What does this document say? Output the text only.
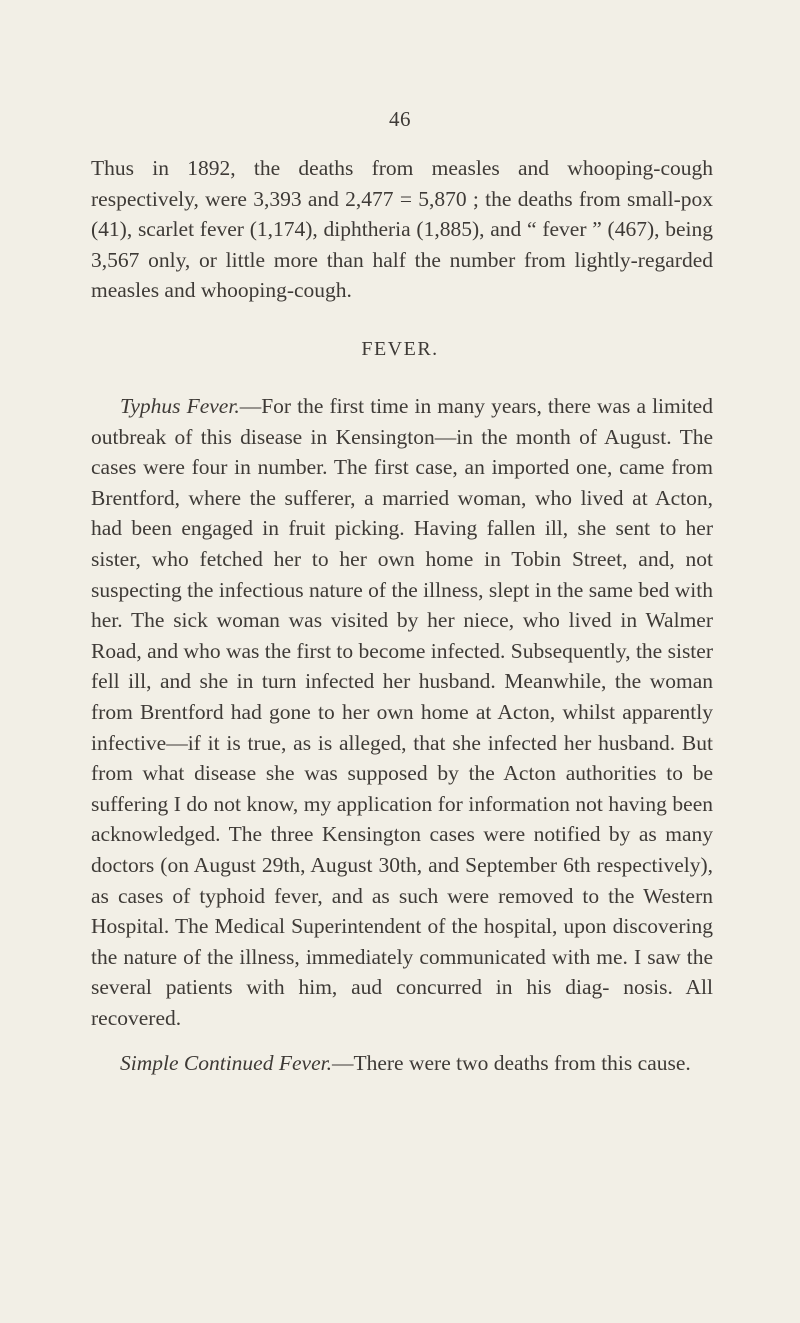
46

Thus in 1892, the deaths from measles and whooping-cough respectively, were 3,393 and 2,477 = 5,870 ; the deaths from small-pox (41), scarlet fever (1,174), diphtheria (1,885), and “ fever ” (467), being 3,567 only, or little more than half the number from lightly-regarded measles and whooping-cough.

FEVER.

Typhus Fever.—For the first time in many years, there was a limited outbreak of this disease in Kensington—in the month of August. The cases were four in number. The first case, an imported one, came from Brentford, where the sufferer, a married woman, who lived at Acton, had been engaged in fruit picking. Having fallen ill, she sent to her sister, who fetched her to her own home in Tobin Street, and, not suspecting the infectious nature of the illness, slept in the same bed with her. The sick woman was visited by her niece, who lived in Walmer Road, and who was the first to become infected. Subsequently, the sister fell ill, and she in turn infected her husband. Meanwhile, the woman from Brentford had gone to her own home at Acton, whilst apparently infective—if it is true, as is alleged, that she infected her husband. But from what disease she was supposed by the Acton authorities to be suffering I do not know, my application for information not having been acknowledged. The three Kensington cases were notified by as many doctors (on August 29th, August 30th, and September 6th respectively), as cases of typhoid fever, and as such were removed to the Western Hospital. The Medical Superintendent of the hospital, upon discovering the nature of the illness, immediately communicated with me. I saw the several patients with him, aud concurred in his diag- nosis. All recovered.

Simple Continued Fever.—There were two deaths from this cause.
